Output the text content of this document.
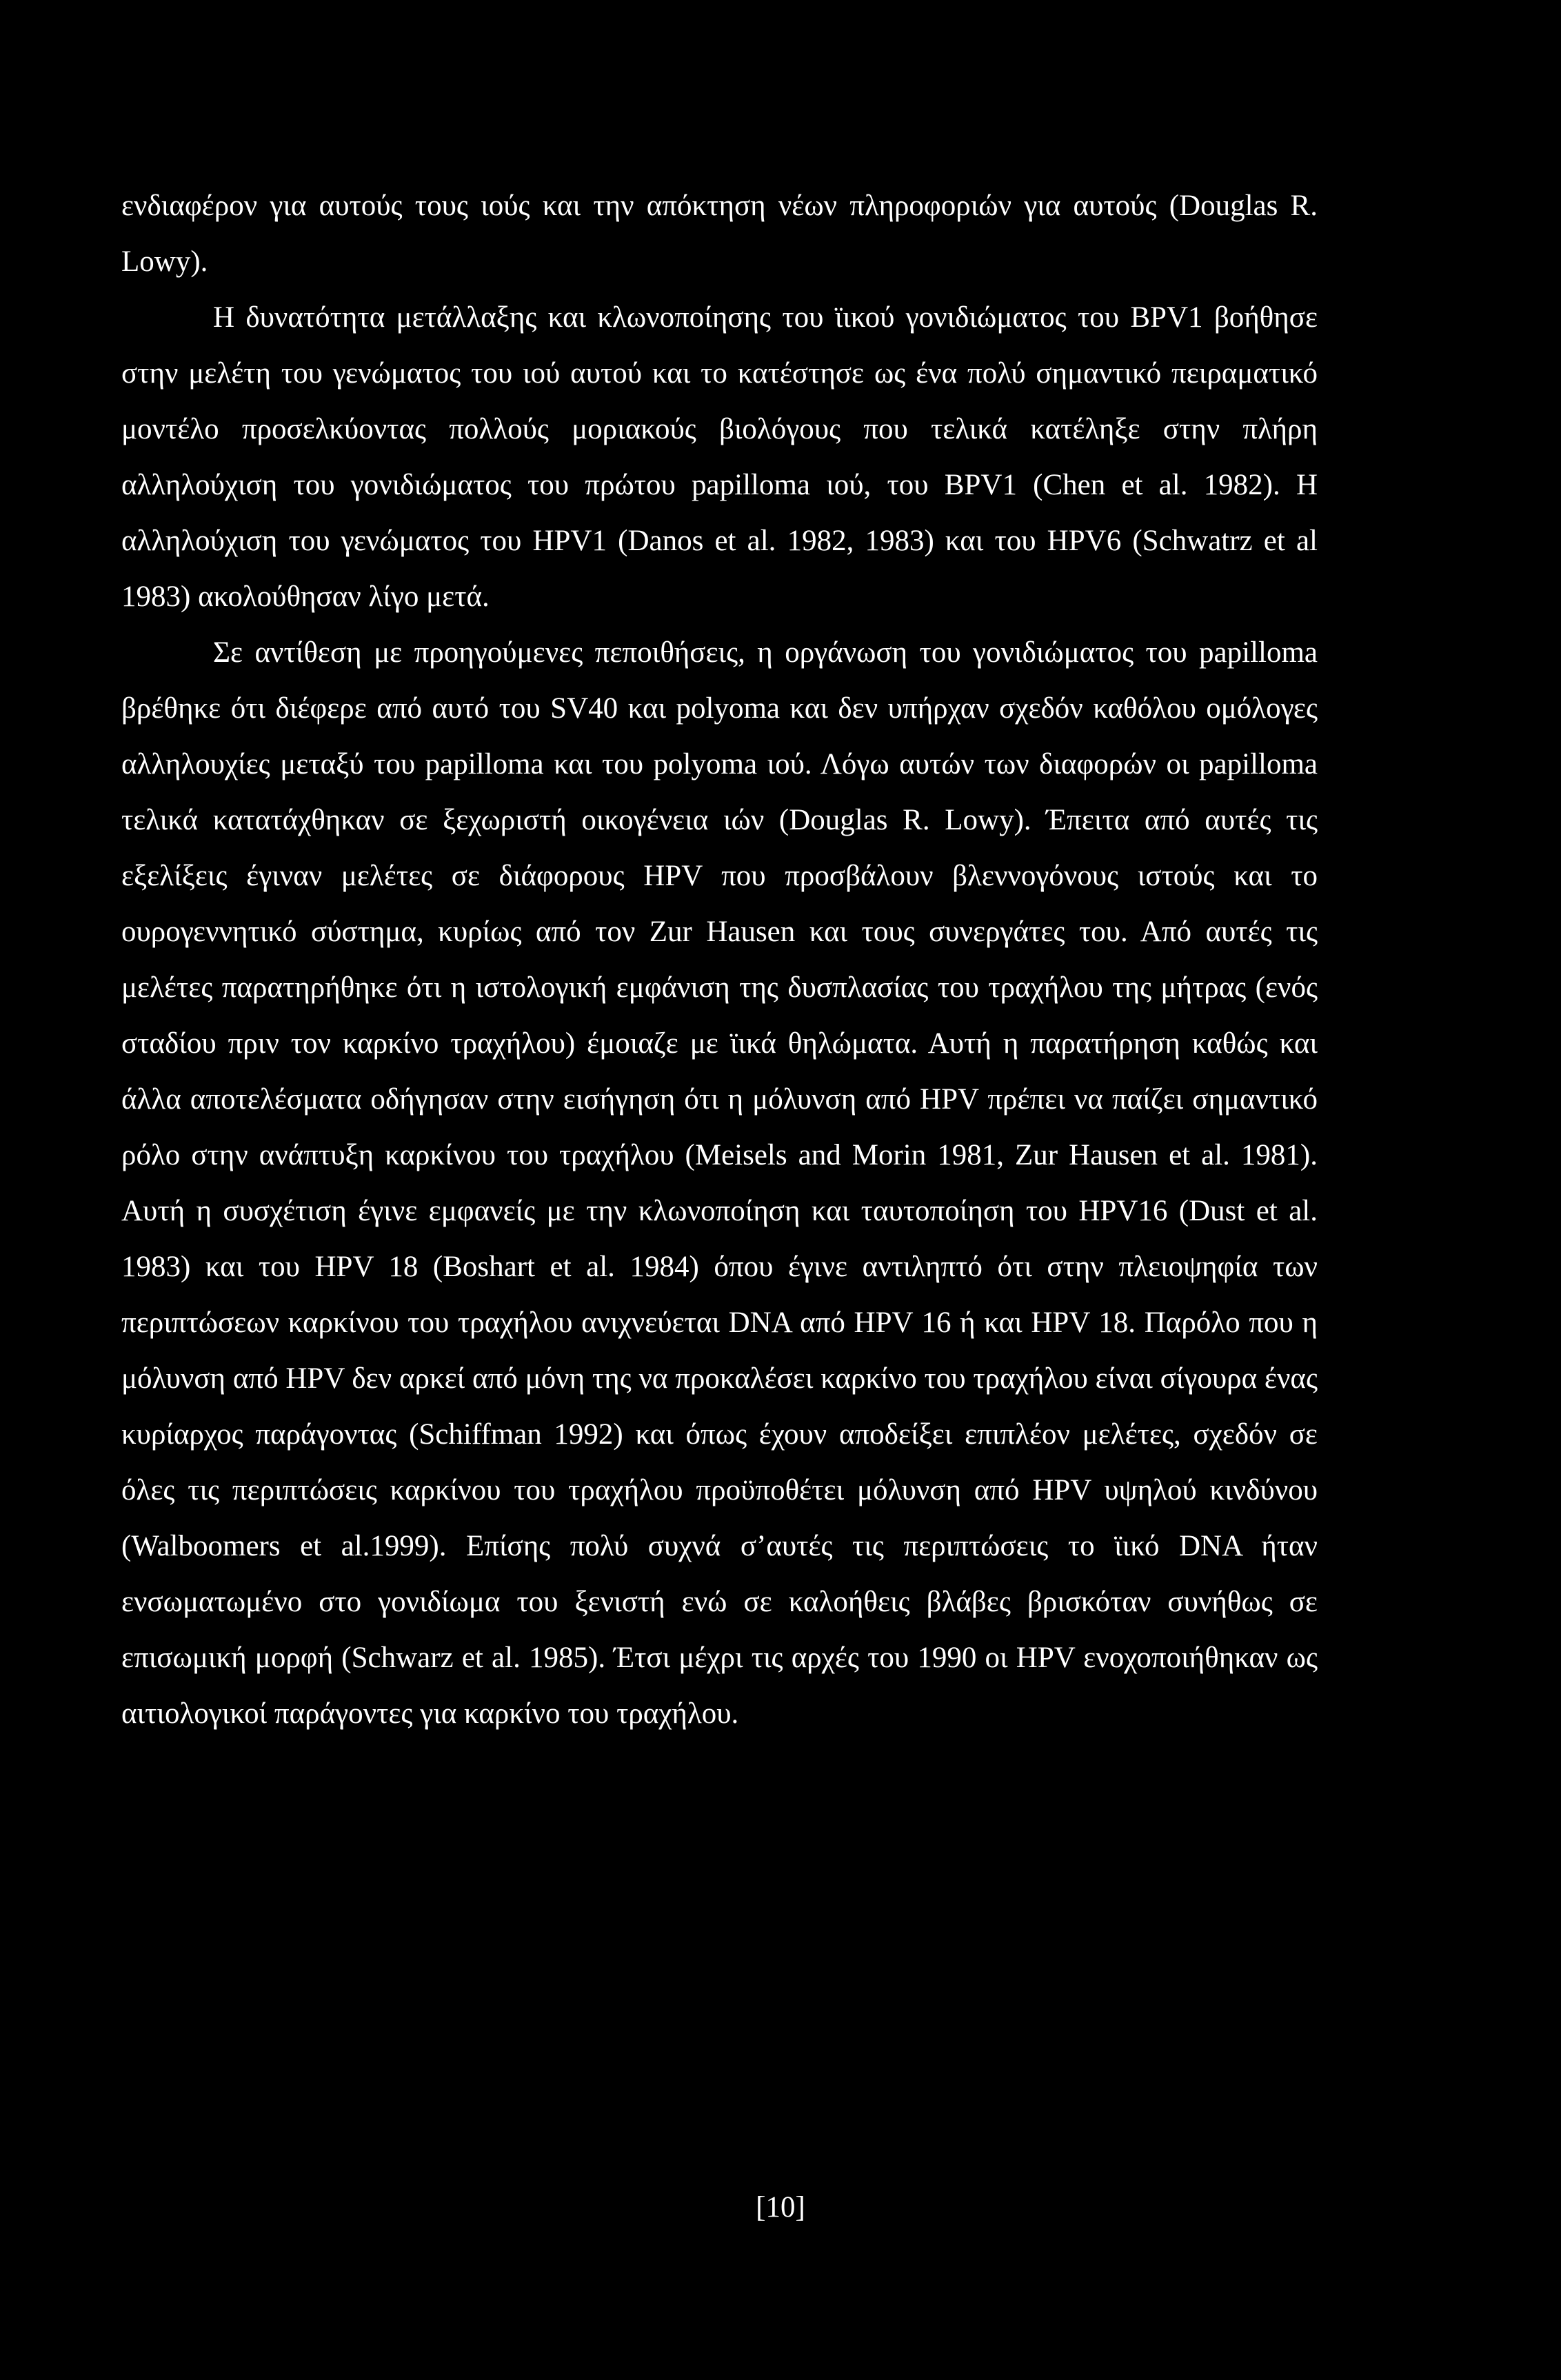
ενδιαφέρον για αυτούς τους ιούς και την απόκτηση νέων πληροφοριών για αυτούς (Douglas R. Lowy).

Η δυνατότητα μετάλλαξης και κλωνοποίησης του ϊικού γονιδιώματος του BPV1 βοήθησε στην μελέτη του γενώματος του ιού αυτού και το κατέστησε ως ένα πολύ σημαντικό πειραματικό μοντέλο προσελκύοντας πολλούς μοριακούς βιολόγους που τελικά κατέληξε στην πλήρη αλληλούχιση του γονιδιώματος του πρώτου papilloma ιού, του BPV1 (Chen et al. 1982). Η αλληλούχιση του γενώματος του HPV1 (Danos et al. 1982, 1983) και του HPV6 (Schwatrz et al 1983) ακολούθησαν λίγο μετά.

Σε αντίθεση με προηγούμενες πεποιθήσεις, η οργάνωση του γονιδιώματος του papilloma βρέθηκε ότι διέφερε από αυτό του SV40 και polyoma και δεν υπήρχαν σχεδόν καθόλου ομόλογες αλληλουχίες μεταξύ του papilloma και του polyoma ιού. Λόγω αυτών των διαφορών οι papilloma τελικά κατατάχθηκαν σε ξεχωριστή οικογένεια ιών (Douglas R. Lowy). Έπειτα από αυτές τις εξελίξεις έγιναν μελέτες σε διάφορους HPV που προσβάλουν βλεννογόνους ιστούς και το ουρογεννητικό σύστημα, κυρίως από τον Zur Hausen και τους συνεργάτες του. Από αυτές τις μελέτες παρατηρήθηκε ότι η ιστολογική εμφάνιση της δυσπλασίας του τραχήλου της μήτρας (ενός σταδίου πριν τον καρκίνο τραχήλου) έμοιαζε με ϊικά θηλώματα. Αυτή η παρατήρηση καθώς και άλλα αποτελέσματα οδήγησαν στην εισήγηση ότι η μόλυνση από HPV πρέπει να παίζει σημαντικό ρόλο στην ανάπτυξη καρκίνου του τραχήλου (Meisels and Morin 1981, Zur Hausen et al. 1981). Αυτή η συσχέτιση έγινε εμφανείς με την κλωνοποίηση και ταυτοποίηση του HPV16 (Dust et al. 1983) και του HPV 18 (Boshart et al. 1984) όπου έγινε αντιληπτό ότι στην πλειοψηφία των περιπτώσεων καρκίνου του τραχήλου ανιχνεύεται DNA από HPV 16 ή και HPV 18. Παρόλο που η μόλυνση από HPV δεν αρκεί από μόνη της να προκαλέσει καρκίνο του τραχήλου είναι σίγουρα ένας κυρίαρχος παράγοντας (Schiffman 1992) και όπως έχουν αποδείξει επιπλέον μελέτες, σχεδόν σε όλες τις περιπτώσεις καρκίνου του τραχήλου προϋποθέτει μόλυνση από HPV υψηλού κινδύνου (Walboomers et al.1999). Επίσης πολύ συχνά σ’αυτές τις περιπτώσεις το ϊικό DNA ήταν ενσωματωμένο στο γονιδίωμα του ξενιστή ενώ σε καλοήθεις βλάβες βρισκόταν συνήθως σε επισωμική μορφή (Schwarz et al. 1985). Έτσι μέχρι τις αρχές του 1990 οι HPV ενοχοποιήθηκαν ως αιτιολογικοί παράγοντες για καρκίνο του τραχήλου.

[10]
